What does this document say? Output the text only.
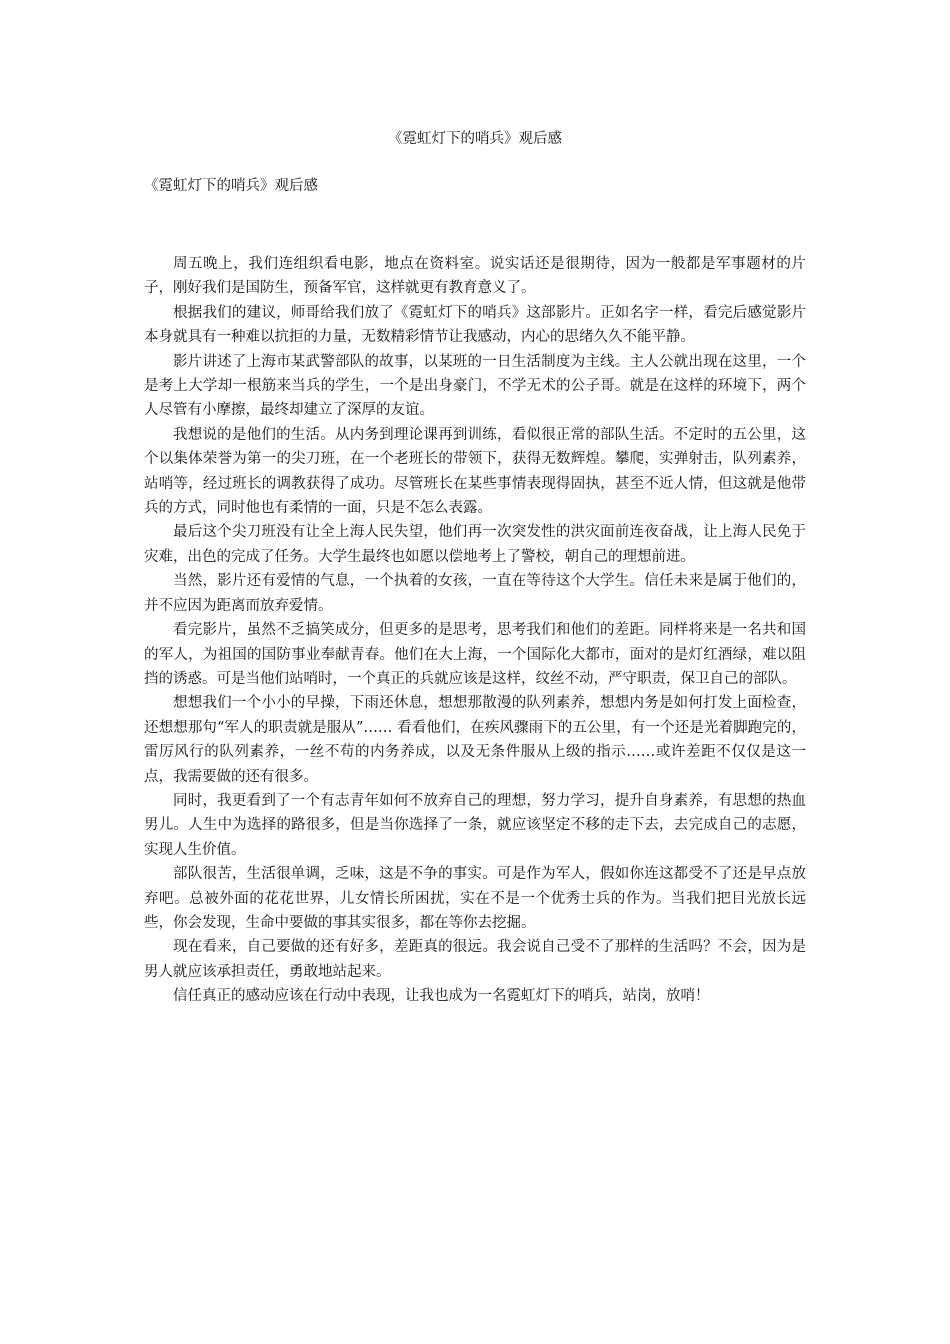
《霓虹灯下的哨兵》观后感

《霓虹灯下的哨兵》观后感

周五晚上，我们连组织看电影，地点在资料室。说实话还是很期待，因为一般都是军事题材的片子，刚好我们是国防生，预备军官，这样就更有教育意义了。

根据我们的建议，师哥给我们放了《霓虹灯下的哨兵》这部影片。正如名字一样，看完后感觉影片本身就具有一种难以抗拒的力量，无数精彩情节让我感动，内心的思绪久久不能平静。

影片讲述了上海市某武警部队的故事，以某班的一日生活制度为主线。主人公就出现在这里，一个是考上大学却一根筋来当兵的学生，一个是出身豪门，不学无术的公子哥。就是在这样的环境下，两个人尽管有小摩擦，最终却建立了深厚的友谊。

我想说的是他们的生活。从内务到理论课再到训练，看似很正常的部队生活。不定时的五公里，这个以集体荣誉为第一的尖刀班，在一个老班长的带领下，获得无数辉煌。攀爬，实弹射击，队列素养，站哨等，经过班长的调教获得了成功。尽管班长在某些事情表现得固执，甚至不近人情，但这就是他带兵的方式，同时他也有柔情的一面，只是不怎么表露。

最后这个尖刀班没有让全上海人民失望，他们再一次突发性的洪灾面前连夜奋战，让上海人民免于灾难，出色的完成了任务。大学生最终也如愿以偿地考上了警校，朝自己的理想前进。

当然，影片还有爱情的气息，一个执着的女孩，一直在等待这个大学生。信任未来是属于他们的，并不应因为距离而放弃爱情。

看完影片，虽然不乏搞笑成分，但更多的是思考，思考我们和他们的差距。同样将来是一名共和国的军人，为祖国的国防事业奉献青春。他们在大上海，一个国际化大都市，面对的是灯红酒绿，难以阻挡的诱惑。可是当他们站哨时，一个真正的兵就应该是这样，纹丝不动，严守职责，保卫自己的部队。

想想我们一个小小的早操，下雨还休息，想想那散漫的队列素养，想想内务是如何打发上面检查，还想想那句“军人的职责就是服从”…… 看看他们，在疾风骤雨下的五公里，有一个还是光着脚跑完的，雷厉风行的队列素养，一丝不苟的内务养成，以及无条件服从上级的指示……或许差距不仅仅是这一点，我需要做的还有很多。

同时，我更看到了一个有志青年如何不放弃自己的理想，努力学习，提升自身素养，有思想的热血男儿。人生中为选择的路很多，但是当你选择了一条，就应该坚定不移的走下去，去完成自己的志愿，实现人生价值。

部队很苦，生活很单调，乏味，这是不争的事实。可是作为军人，假如你连这都受不了还是早点放弃吧。总被外面的花花世界，儿女情长所困扰，实在不是一个优秀士兵的作为。当我们把目光放长远些，你会发现，生命中要做的事其实很多，都在等你去挖掘。

现在看来，自己要做的还有好多，差距真的很远。我会说自己受不了那样的生活吗？不会，因为是男人就应该承担责任，勇敢地站起来。

信任真正的感动应该在行动中表现，让我也成为一名霓虹灯下的哨兵，站岗，放哨！
